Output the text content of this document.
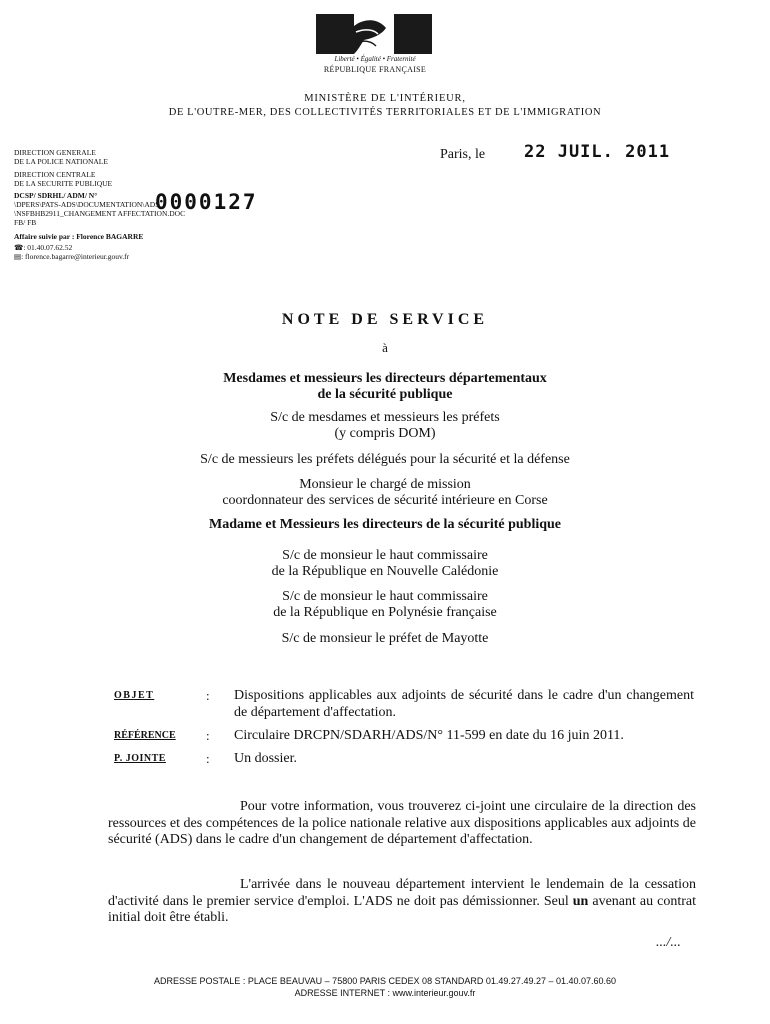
Liberté • Égalité • Fraternité
RÉPUBLIQUE FRANÇAISE
MINISTÈRE DE L'INTÉRIEUR,
DE L'OUTRE-MER, DES COLLECTIVITÉS TERRITORIALES ET DE L'IMMIGRATION
DIRECTION GENERALE
DE LA POLICE NATIONALE
DIRECTION CENTRALE
DE LA SECURITE PUBLIQUE
DCSP/ SDRHL/ ADM/ N°
\DPERS\PATS-ADS\DOCUMENTATION\ADS
\NSFBHB2911_CHANGEMENT AFFECTATION.DOC
FB/ FB
Affaire suivie par : Florence BAGARRE
☎: 01.40.07.62.52
▤: florence.bagarre@interieur.gouv.fr
0000127
Paris, le 22 JUIL. 2011
NOTE DE SERVICE
à
Mesdames et messieurs les directeurs départementaux
de la sécurité publique
S/c de mesdames et messieurs les préfets
(y compris DOM)
S/c de messieurs les préfets délégués pour la sécurité et la défense
Monsieur le chargé de mission
coordonnateur des services de sécurité intérieure en Corse
Madame et Messieurs les directeurs de la sécurité publique
S/c de monsieur le haut commissaire
de la République en Nouvelle Calédonie
S/c de monsieur le haut commissaire
de la République en Polynésie française
S/c de monsieur le préfet de Mayotte
OBJET	: Dispositions applicables aux adjoints de sécurité dans le cadre d'un changement de département d'affectation.
RÉFÉRENCE : Circulaire DRCPN/SDARH/ADS/N° 11-599 en date du 16 juin 2011.
P. JOINTE	: Un dossier.
Pour votre information, vous trouverez ci-joint une circulaire de la direction des ressources et des compétences de la police nationale relative aux dispositions applicables aux adjoints de sécurité (ADS) dans le cadre d'un changement de département d'affectation.
L'arrivée dans le nouveau département intervient le lendemain de la cessation d'activité dans le premier service d'emploi. L'ADS ne doit pas démissionner. Seul un avenant au contrat initial doit être établi.
.../...
ADRESSE POSTALE : PLACE BEAUVAU – 75800 PARIS CEDEX 08 STANDARD 01.49.27.49.27 – 01.40.07.60.60
ADRESSE INTERNET : www.interieur.gouv.fr
